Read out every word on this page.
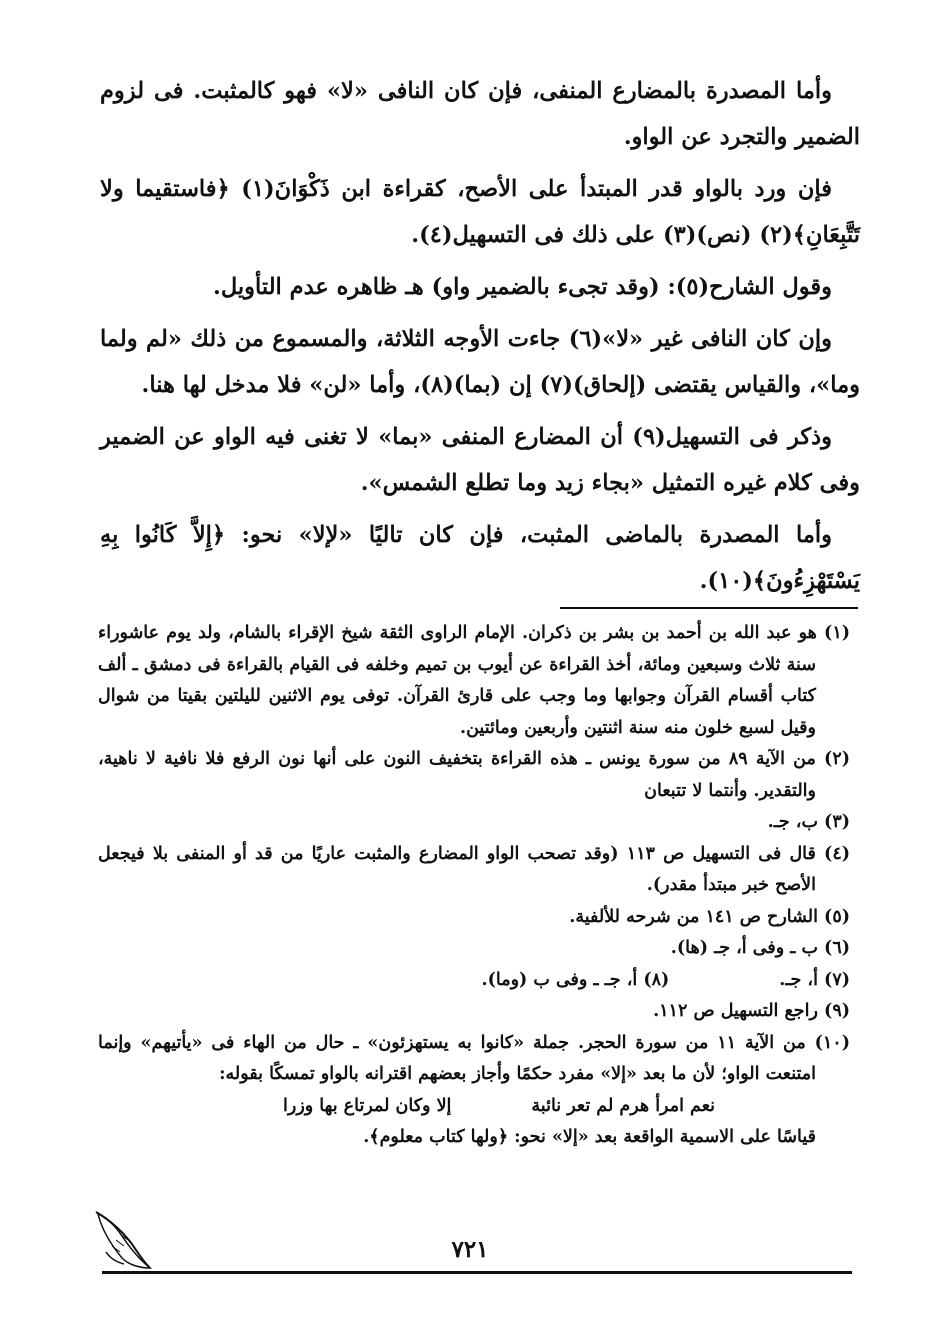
وأما المصدرة بالمضارع المنفى، فإن كان النافى «لا» فهو كالمثبت. فى لزوم الضمير والتجرد عن الواو.

فإن ورد بالواو قدر المبتدأ على الأصح، كقراءة ابن ذَكْوَانَ(١) ﴿فاستقيما ولا تَتَّبِعَانِ﴾(٢) (نص)(٣) على ذلك فى التسهيل(٤).

وقول الشارح(٥): (وقد تجىء بالضمير واو) هـ ظاهره عدم التأويل.

وإن كان النافى غير «لا»(٦) جاءت الأوجه الثلاثة، والمسموع من ذلك «لم ولما وما»، والقياس يقتضى (إلحاق)(٧) إن (بما)(٨)، وأما «لن» فلا مدخل لها هنا.

وذكر فى التسهيل(٩) أن المضارع المنفى «بما» لا تغنى فيه الواو عن الضمير وفى كلام غيره التمثيل «بجاء زيد وما تطلع الشمس».

وأما المصدرة بالماضى المثبت، فإن كان تاليًا «لإلا» نحو: ﴿إِلاَّ كَانُوا بِهِ يَسْتَهْزِءُونَ﴾(١٠).

(١) هو عبد الله بن أحمد بن بشر بن ذكران. الإمام الراوى الثقة شيخ الإقراء بالشام، ولد يوم عاشوراء سنة ثلاث وسبعين ومائة، أخذ القراءة عن أيوب بن تميم وخلفه فى القيام بالقراءة فى دمشق ـ ألف كتاب أقسام القرآن وجوابها وما وجب على قارئ القرآن. توفى يوم الاثنين لليلتين بقيتا من شوال وقيل لسبع خلون منه سنة اثنتين وأربعين ومائتين.

(٢) من الآية ٨٩ من سورة يونس ـ هذه القراءة بتخفيف النون على أنها نون الرفع فلا نافية لا ناهية، والتقدير. وأنتما لا تتبعان

(٣) ب، جـ.

(٤) قال فى التسهيل ص ١١٣ (وقد تصحب الواو المضارع والمثبت عاريًا من قد أو المنفى بلا فيجعل الأصح خبر مبتدأ مقدر).

(٥) الشارح ص ١٤١ من شرحه للألفية.

(٦) ب ـ وفى أ، جـ (ها).

(٧) أ، جـ.
(٨) أ، جـ ـ وفى ب (وما).

(٩) راجع التسهيل ص ١١٢.

(١٠) من الآية ١١ من سورة الحجر. جملة «كانوا به يستهزئون» ـ حال من الهاء فى «يأتيهم» وإنما امتنعت الواو؛ لأن ما بعد «إلا» مفرد حكمًا وأجاز بعضهم اقترانه بالواو تمسكًا بقوله:

نعم امرأ هرم لم تعر نائبة
إلا وكان لمرتاع بها وزرا

قياسًا على الاسمية الواقعة بعد «إلا» نحو: ﴿ولها كتاب معلوم﴾.

٧٢١
